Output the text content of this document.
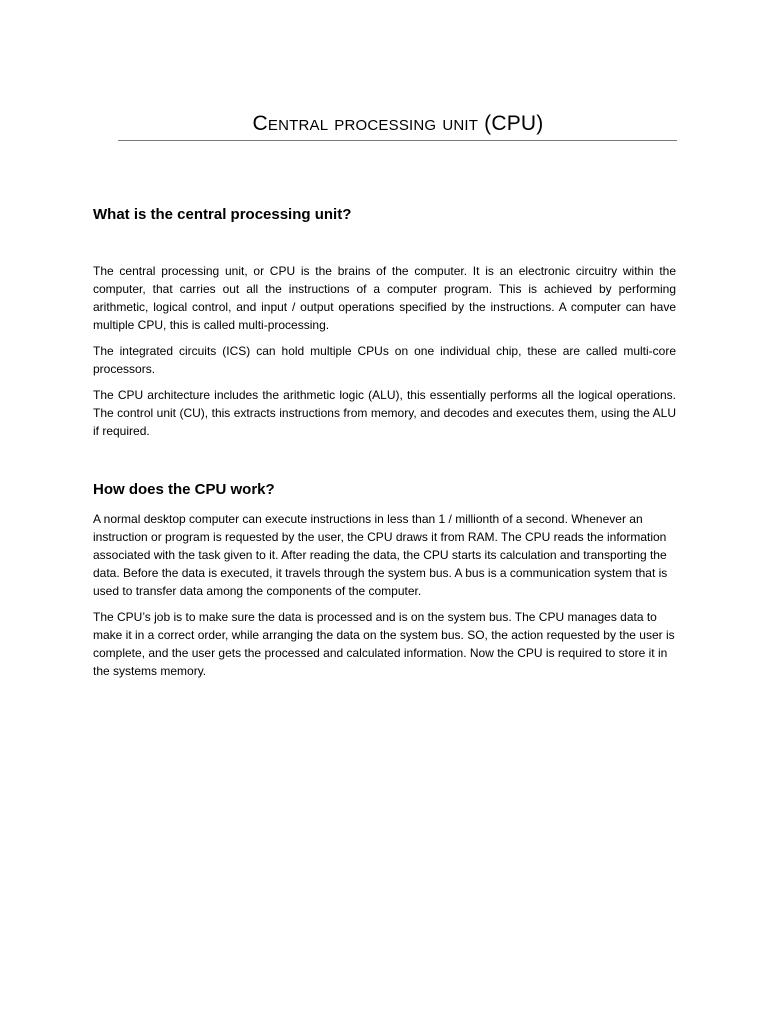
Central processing unit (CPU)
What is the central processing unit?

The central processing unit, or CPU is the brains of the computer. It is an electronic circuitry within the computer, that carries out all the instructions of a computer program. This is achieved by performing arithmetic, logical control, and input / output operations specified by the instructions. A computer can have multiple CPU, this is called multi-processing.

The integrated circuits (ICS) can hold multiple CPUs on one individual chip, these are called multi-core processors.

The CPU architecture includes the arithmetic logic (ALU), this essentially performs all the logical operations. The control unit (CU), this extracts instructions from memory, and decodes and executes them, using the ALU if required.

How does the CPU work?

A normal desktop computer can execute instructions in less than 1 / millionth of a second. Whenever an instruction or program is requested by the user, the CPU draws it from RAM. The CPU reads the information associated with the task given to it. After reading the data, the CPU starts its calculation and transporting the data. Before the data is executed, it travels through the system bus. A bus is a communication system that is used to transfer data among the components of the computer.

The CPU’s job is to make sure the data is processed and is on the system bus. The CPU manages data to make it in a correct order, while arranging the data on the system bus. SO, the action requested by the user is complete, and the user gets the processed and calculated information. Now the CPU is required to store it in the systems memory.
